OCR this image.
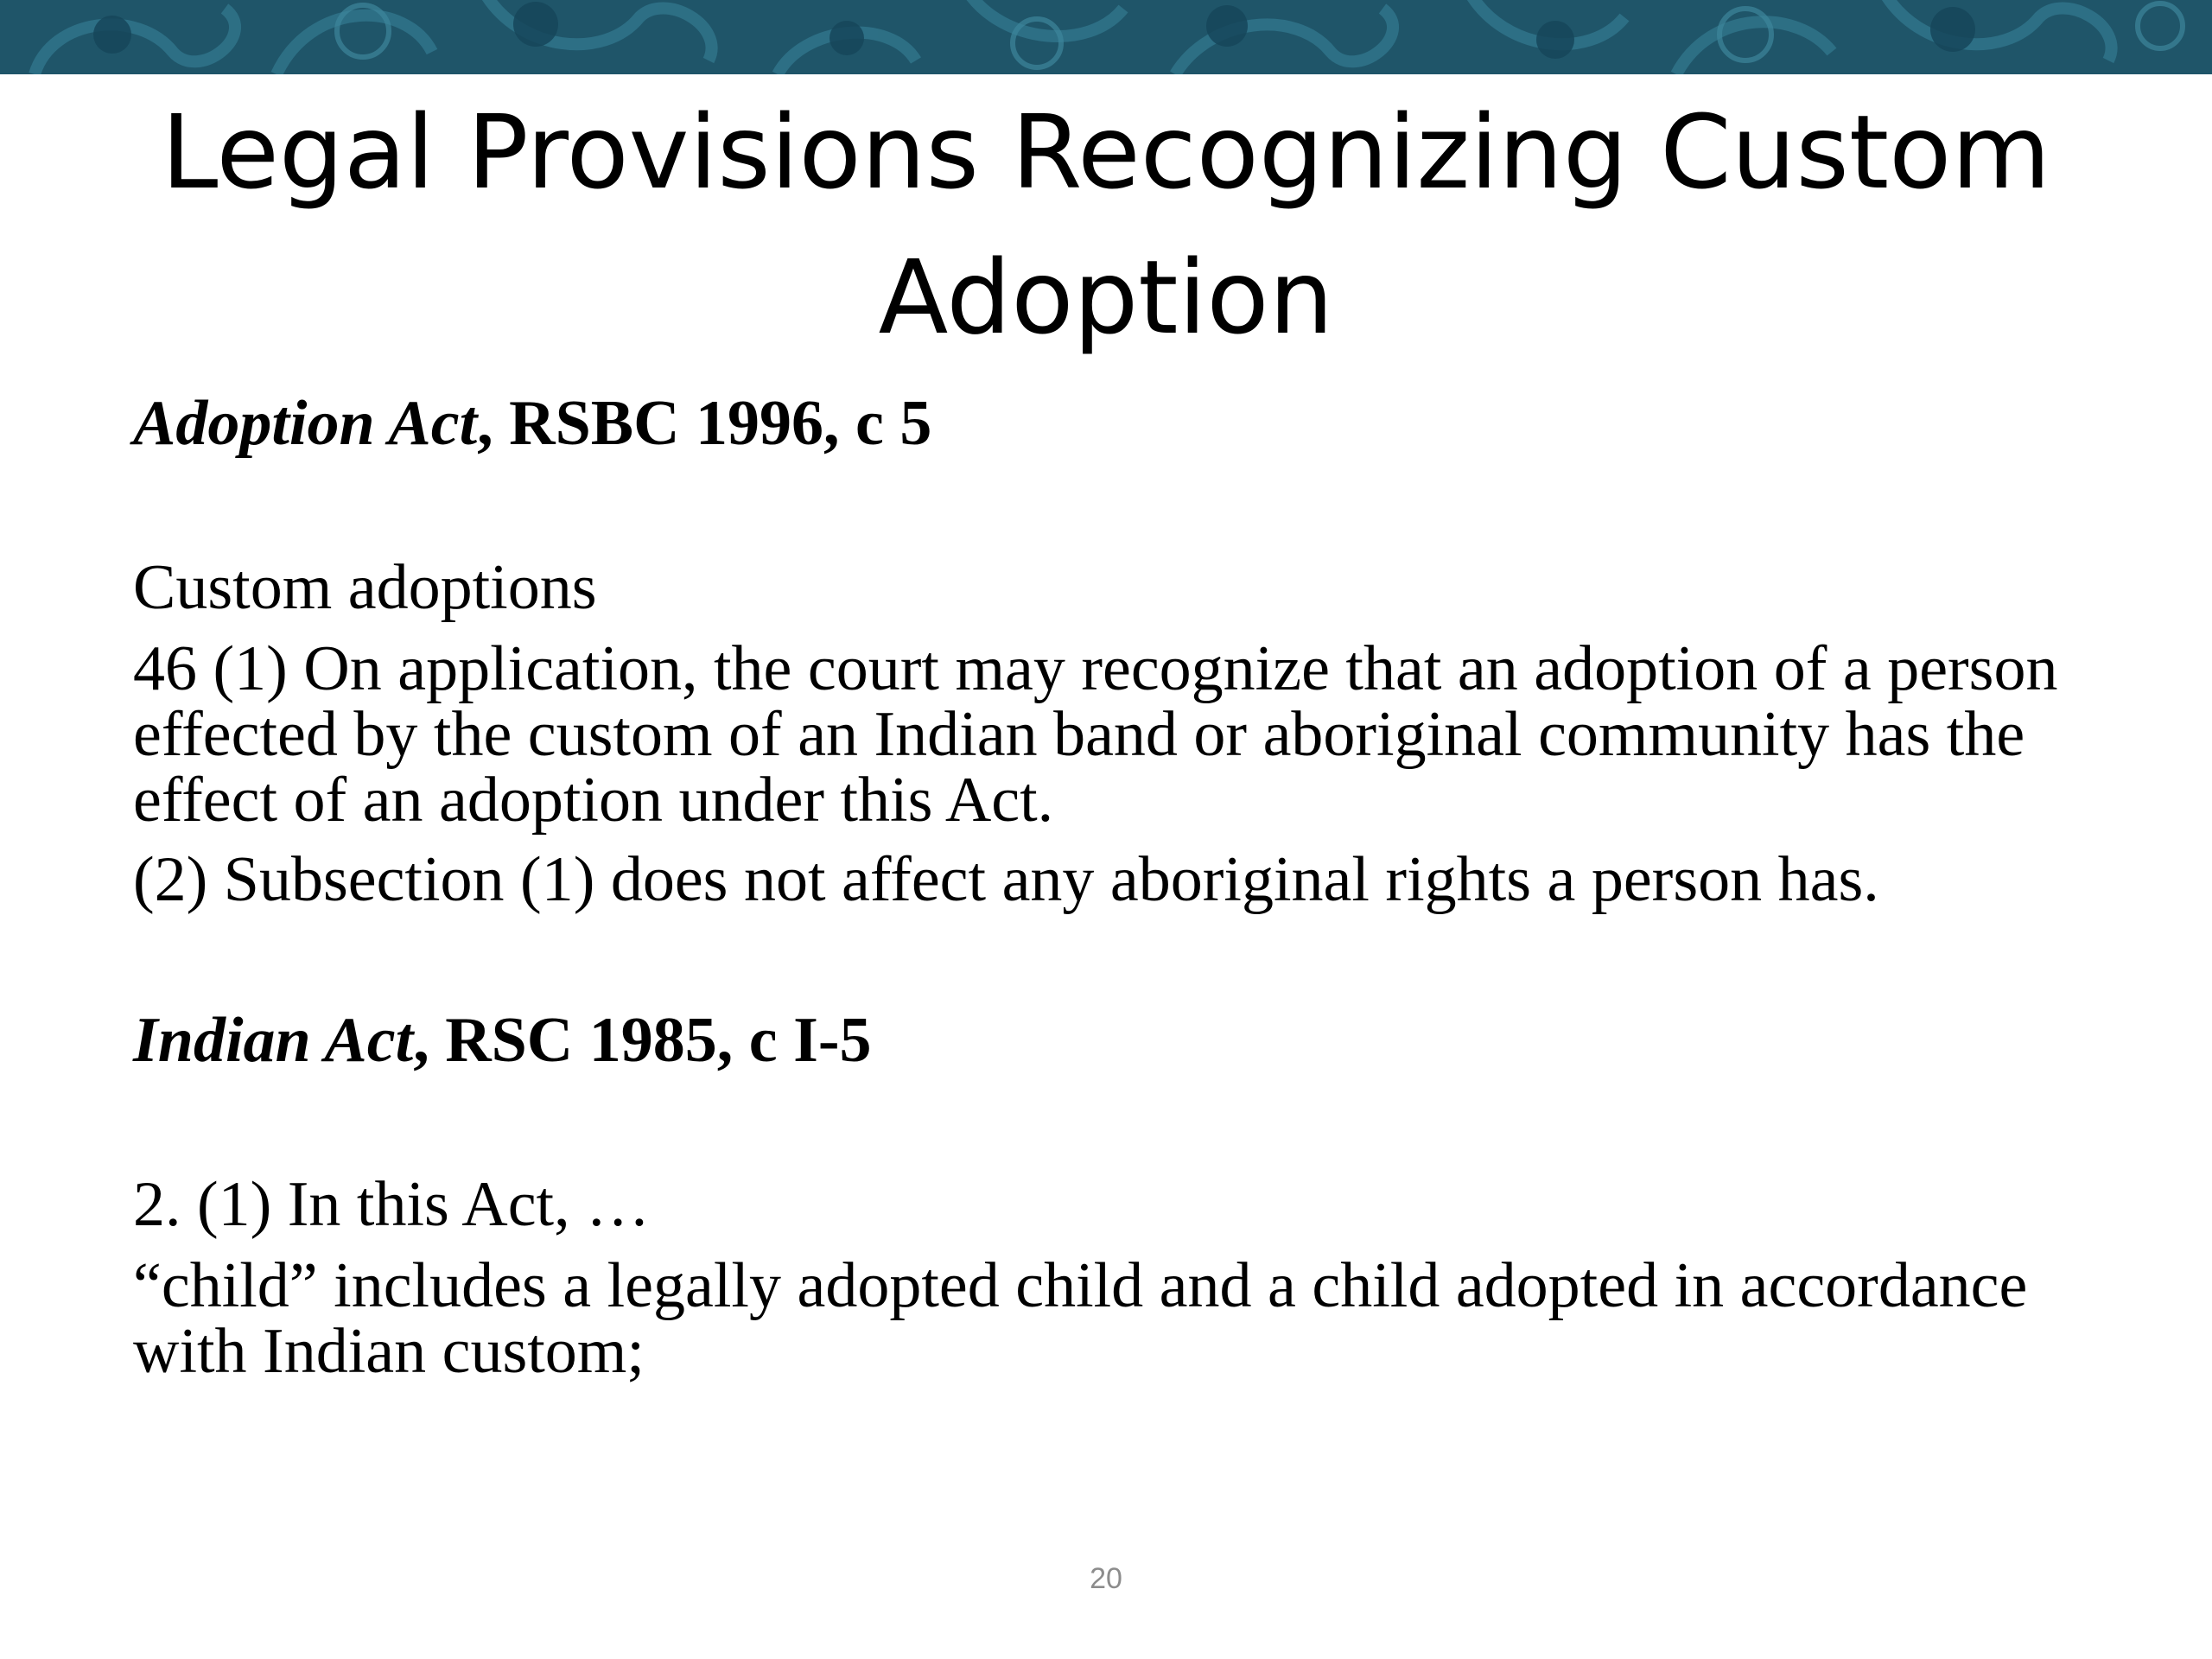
Legal Provisions Recognizing Custom Adoption
Adoption Act, RSBC 1996, c 5
Custom adoptions
46 (1) On application, the court may recognize that an adoption of a person effected by the custom of an Indian band or aboriginal community has the effect of an adoption under this Act.
(2) Subsection (1) does not affect any aboriginal rights a person has.
Indian Act, RSC 1985, c I-5
2. (1) In this Act, …
“child” includes a legally adopted child and a child adopted in accordance with Indian custom;
20
